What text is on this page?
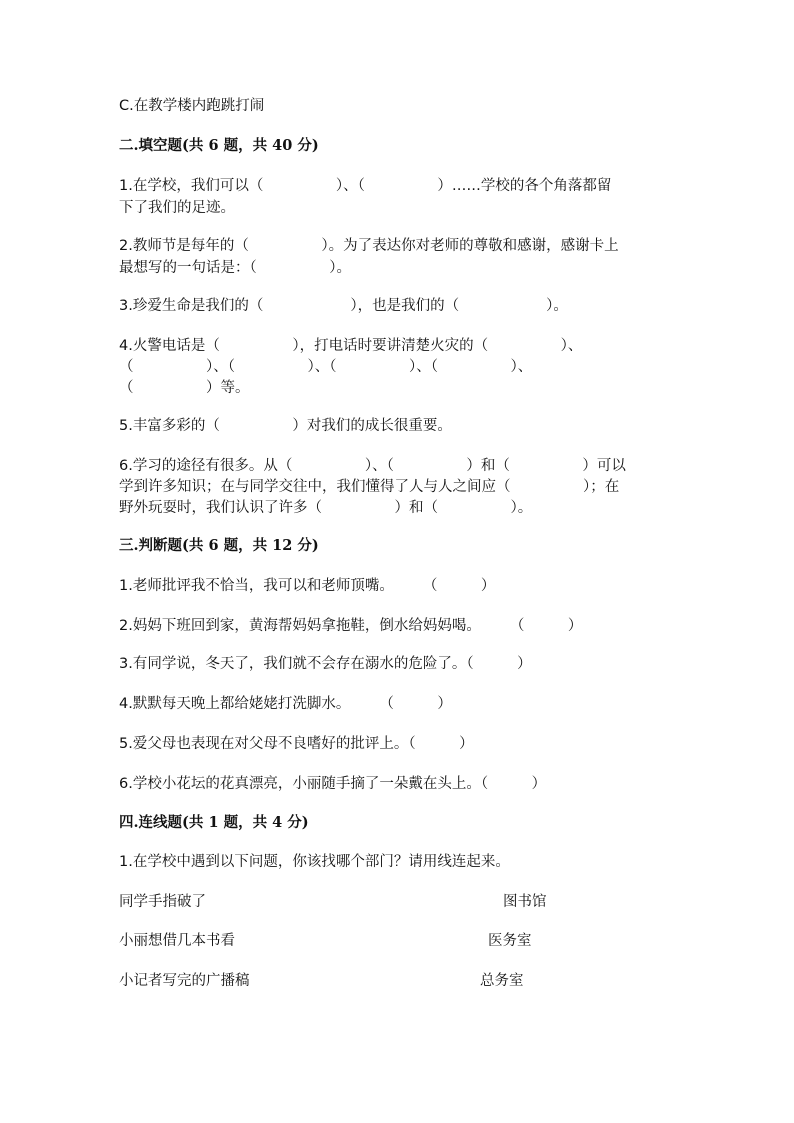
C.在教学楼内跑跳打闹
二.填空题(共 6 题，共 40 分)
1.在学校，我们可以（　　　　　）、（　　　　　）……学校的各个角落都留
下了我们的足迹。
2.教师节是每年的（　　　　　）。为了表达你对老师的尊敬和感谢，感谢卡上
最想写的一句话是：（　　　　　）。
3.珍爱生命是我们的（　　　　　　），也是我们的（　　　　　　）。
4.火警电话是（　　　　　），打电话时要讲清楚火灾的（　　　　　）、
（　　　　　）、（　　　　　）、（　　　　　）、（　　　　　）、
（　　　　　）等。
5.丰富多彩的（　　　　　）对我们的成长很重要。
6.学习的途径有很多。从（　　　　　）、（　　　　　）和（　　　　　）可以
学到许多知识；在与同学交往中，我们懂得了人与人之间应（　　　　　）；在
野外玩耍时，我们认识了许多（　　　　　）和（　　　　　）。
三.判断题(共 6 题，共 12 分)
1.老师批评我不恰当，我可以和老师顶嘴。　　　（　　　）
2.妈妈下班回到家，黄海帮妈妈拿拖鞋，倒水给妈妈喝。　　　（　　　）
3.有同学说，冬天了，我们就不会存在溺水的危险了。（　　　）
4.默默每天晚上都给姥姥打洗脚水。　　　（　　　）
5.爱父母也表现在对父母不良嗜好的批评上。（　　　）
6.学校小花坛的花真漂亮，小丽随手摘了一朵戴在头上。（　　　）
四.连线题(共 1 题，共 4 分)
1.在学校中遇到以下问题，你该找哪个部门？请用线连起来。
同学手指破了
小丽想借几本书看
小记者写完的广播稿
图书馆
医务室
总务室
